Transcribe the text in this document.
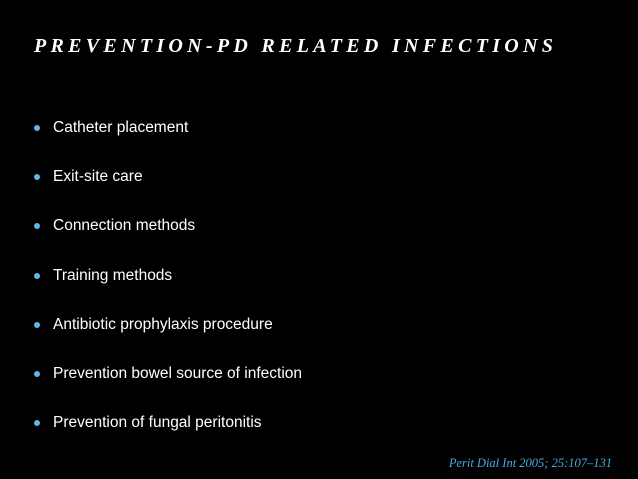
PREVENTION-PD RELATED INFECTIONS
Catheter placement
Exit-site care
Connection methods
Training methods
Antibiotic prophylaxis procedure
Prevention bowel source of infection
Prevention of fungal peritonitis
Perit Dial Int 2005; 25:107–131
